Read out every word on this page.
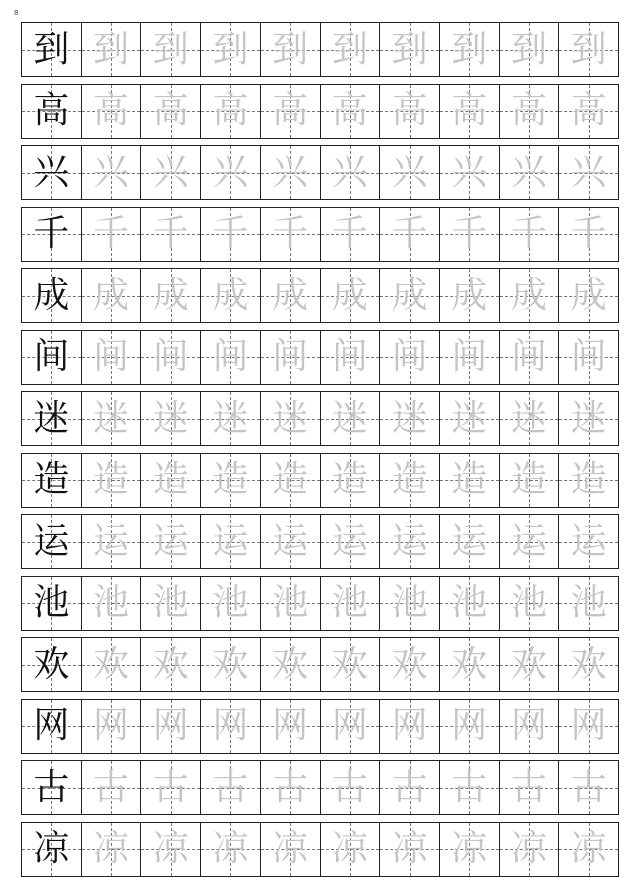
8
到 到 到 到 到 到 到 到 到 到
高 高 高 高 高 高 高 高 高 高
兴 兴 兴 兴 兴 兴 兴 兴 兴 兴
千 千 千 千 千 千 千 千 千 千
成 成 成 成 成 成 成 成 成 成
间 间 间 间 间 间 间 间 间 间
迷 迷 迷 迷 迷 迷 迷 迷 迷 迷
造 造 造 造 造 造 造 造 造 造
运 运 运 运 运 运 运 运 运 运
池 池 池 池 池 池 池 池 池 池
欢 欢 欢 欢 欢 欢 欢 欢 欢 欢
网 网 网 网 网 网 网 网 网 网
古 古 古 古 古 古 古 古 古 古
凉 凉 凉 凉 凉 凉 凉 凉 凉 凉
